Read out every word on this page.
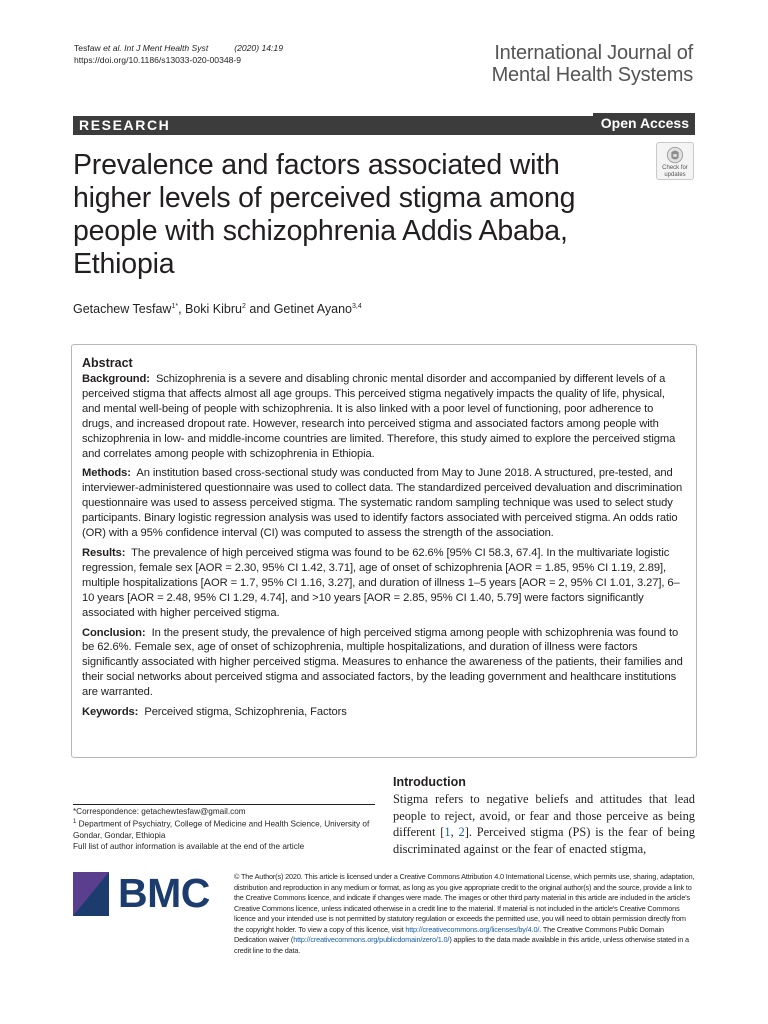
Tesfaw et al. Int J Ment Health Syst	(2020) 14:19
https://doi.org/10.1186/s13033-020-00348-9	International Journal of
Mental Health Systems
RESEARCH	Open Access
Prevalence and factors associated with higher levels of perceived stigma among people with schizophrenia Addis Ababa, Ethiopia
Check for
updates
Getachew Tesfaw$^{1*}$, Boki Kibru$^2$ and Getinet Ayano$^{3,4}$
Abstract

Background: Schizophrenia is a severe and disabling chronic mental disorder and accompanied by different levels of a perceived stigma that affects almost all age groups. This perceived stigma negatively impacts the quality of life, physical, and mental well-being of people with schizophrenia. It is also linked with a poor level of functioning, poor adherence to drugs, and increased dropout rate. However, research into perceived stigma and associated factors among people with schizophrenia in low- and middle-income countries are limited. Therefore, this study aimed to explore the perceived stigma and correlates among people with schizophrenia in Ethiopia.

Methods: An institution based cross-sectional study was conducted from May to June 2018. A structured, pre-tested, and interviewer-administered questionnaire was used to collect data. The standardized perceived devaluation and discrimination questionnaire was used to assess perceived stigma. The systematic random sampling technique was used to select study participants. Binary logistic regression analysis was used to identify factors associated with perceived stigma. An odds ratio (OR) with a 95% confidence interval (CI) was computed to assess the strength of the association.

Results: The prevalence of high perceived stigma was found to be 62.6% [95% CI 58.3, 67.4]. In the multivariate logistic regression, female sex [AOR = 2.30, 95% CI 1.42, 3.71], age of onset of schizophrenia [AOR = 1.85, 95% CI 1.19, 2.89], multiple hospitalizations [AOR = 1.7, 95% CI 1.16, 3.27], and duration of illness 1–5 years [AOR = 2, 95% CI 1.01, 3.27], 6–10 years [AOR = 2.48, 95% CI 1.29, 4.74], and ˃10 years [AOR = 2.85, 95% CI 1.40, 5.79] were factors significantly associated with higher perceived stigma.

Conclusion: In the present study, the prevalence of high perceived stigma among people with schizophrenia was found to be 62.6%. Female sex, age of onset of schizophrenia, multiple hospitalizations, and duration of illness were factors significantly associated with higher perceived stigma. Measures to enhance the awareness of the patients, their families and their social networks about perceived stigma and associated factors, by the leading government and healthcare institutions are warranted.

Keywords: Perceived stigma, Schizophrenia, Factors

Introduction

Stigma refers to negative beliefs and attitudes that lead people to reject, avoid, or fear and those perceive as being different [1, 2]. Perceived stigma (PS) is the fear of being discriminated against or the fear of enacted stigma,

*Correspondence: getachewtesfaw@gmail.com
$^1$ Department of Psychiatry, College of Medicine and Health Science, University of Gondar, Gondar, Ethiopia
Full list of author information is available at the end of the article
BMC	© The Author(s) 2020. This article is licensed under a Creative Commons Attribution 4.0 International License, which permits use, sharing, adaptation, distribution and reproduction in any medium or format, as long as you give appropriate credit to the original author(s) and the source, provide a link to the Creative Commons licence, and indicate if changes were made. The images or other third party material in this article are included in the article's Creative Commons licence, unless indicated otherwise in a credit line to the material. If material is not included in the article's Creative Commons licence and your intended use is not permitted by statutory regulation or exceeds the permitted use, you will need to obtain permission directly from the copyright holder. To view a copy of this licence, visit http://creativecommons.org/licenses/by/4.0/. The Creative Commons Public Domain Dedication waiver (http://creativecommons.org/publicdomain/zero/1.0/) applies to the data made available in this article, unless otherwise stated in a credit line to the data.
